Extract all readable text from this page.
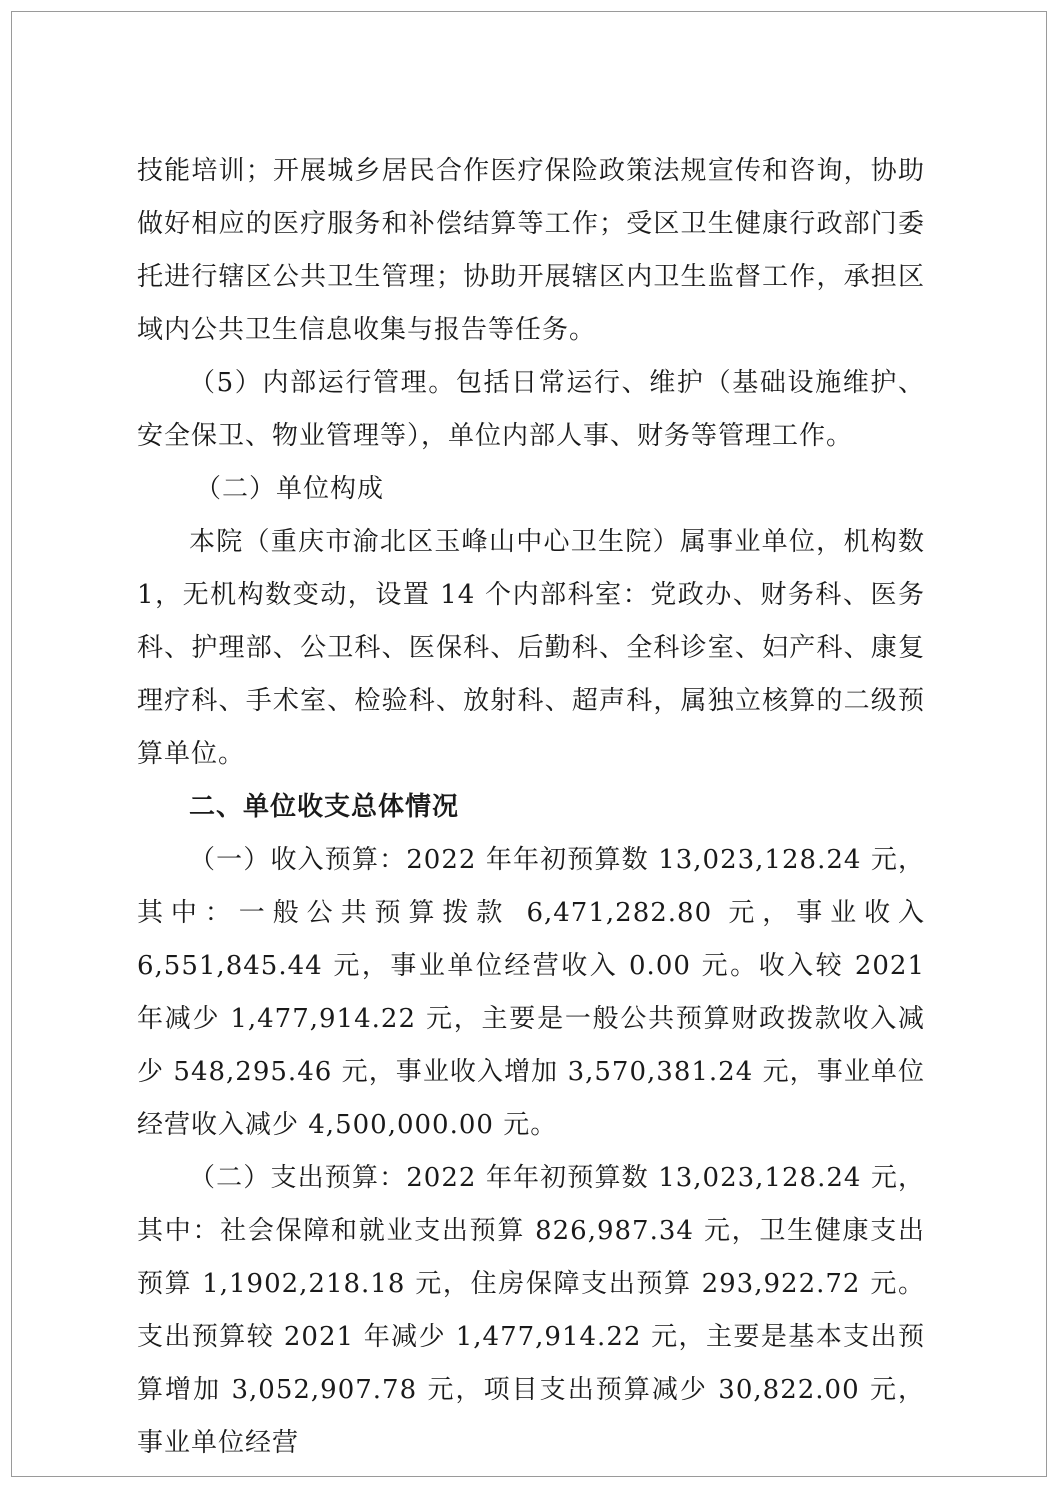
技能培训；开展城乡居民合作医疗保险政策法规宣传和咨询，协助做好相应的医疗服务和补偿结算等工作；受区卫生健康行政部门委托进行辖区公共卫生管理；协助开展辖区内卫生监督工作，承担区域内公共卫生信息收集与报告等任务。

（5）内部运行管理。包括日常运行、维护（基础设施维护、安全保卫、物业管理等），单位内部人事、财务等管理工作。

（二）单位构成

本院（重庆市渝北区玉峰山中心卫生院）属事业单位，机构数 1，无机构数变动，设置 14 个内部科室：党政办、财务科、医务科、护理部、公卫科、医保科、后勤科、全科诊室、妇产科、康复理疗科、手术室、检验科、放射科、超声科，属独立核算的二级预算单位。

二、单位收支总体情况

（一）收入预算：2022 年年初预算数 13,023,128.24 元，其中：一般公共预算拨款 6,471,282.80 元，事业收入 6,551,845.44 元，事业单位经营收入 0.00 元。收入较 2021 年减少 1,477,914.22 元，主要是一般公共预算财政拨款收入减少 548,295.46 元，事业收入增加 3,570,381.24 元，事业单位经营收入减少 4,500,000.00 元。

（二）支出预算：2022 年年初预算数 13,023,128.24 元，其中：社会保障和就业支出预算 826,987.34 元，卫生健康支出预算 1,1902,218.18 元，住房保障支出预算 293,922.72 元。支出预算较 2021 年减少 1,477,914.22 元，主要是基本支出预算增加 3,052,907.78 元，项目支出预算减少 30,822.00 元，事业单位经营
